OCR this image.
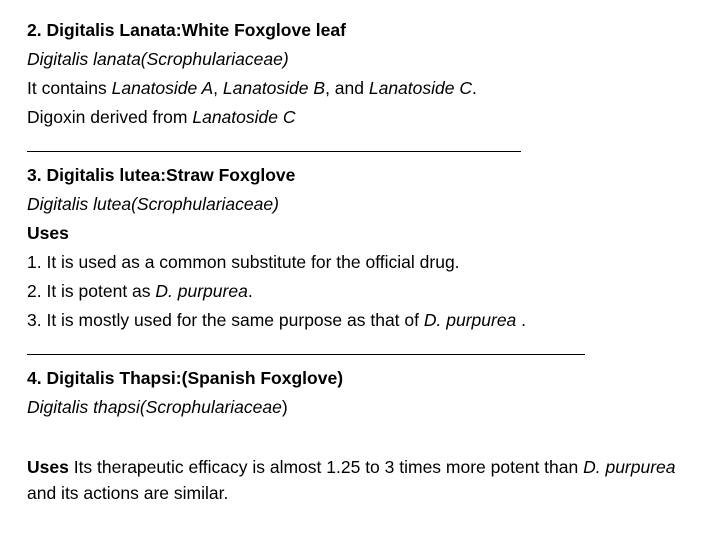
2. Digitalis Lanata:White Foxglove leaf
Digitalis lanata(Scrophulariaceae)
It contains Lanatoside A, Lanatoside B, and Lanatoside C.
Digoxin derived from Lanatoside C
3. Digitalis lutea:Straw Foxglove
Digitalis lutea(Scrophulariaceae)
Uses
1. It is used as a common substitute for the official drug.
2. It is potent as D. purpurea.
3. It is mostly used for the same purpose as that of D. purpurea .
4. Digitalis Thapsi:(Spanish Foxglove)
Digitalis thapsi(Scrophulariaceae)
Uses Its therapeutic efficacy is almost 1.25 to 3 times more potent than D. purpurea and its actions are similar.
